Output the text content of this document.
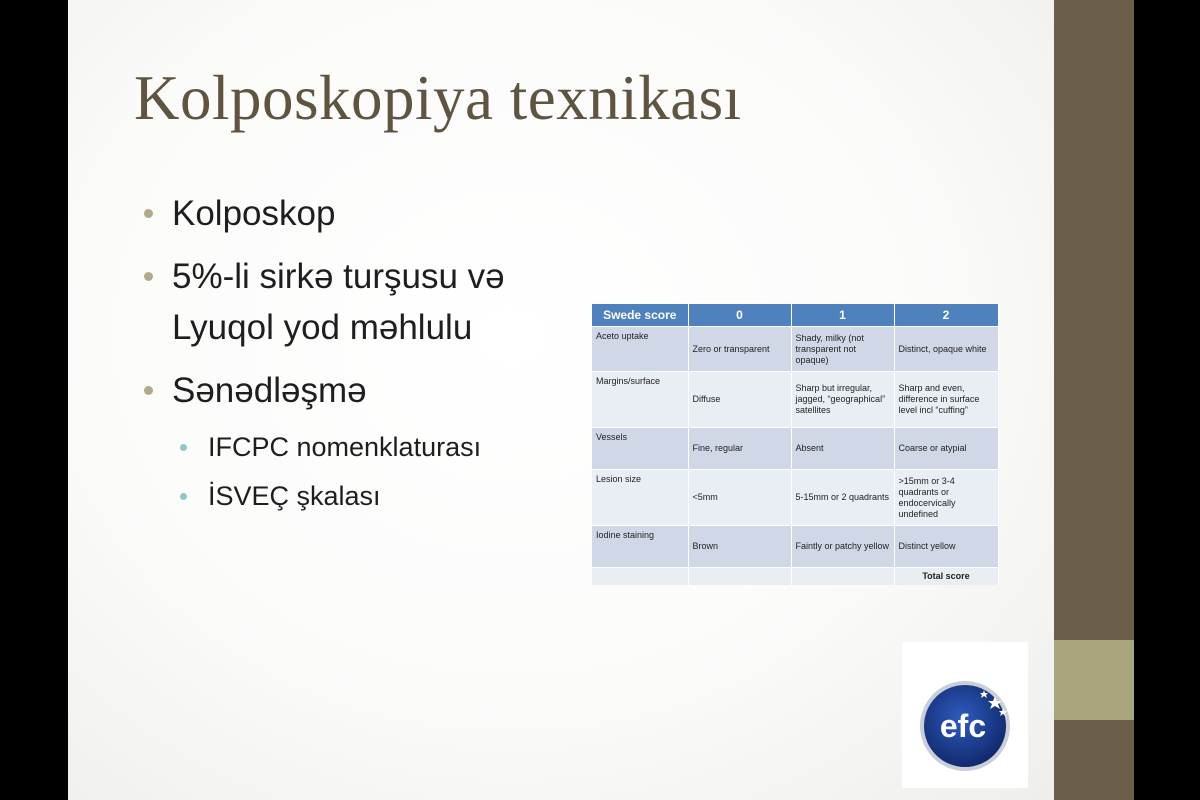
Kolposkopiya texnikası
Kolposkop
5%-li sirkə turşusu və Lyuqol yod məhlulu
Sənədləşmə
IFCPC nomenklaturası
İSVEÇ şkalası
Swede score	0	1	2
Aceto uptake	Zero or transparent	Shady, milky (not transparent not opaque)	Distinct, opaque white
Margins/surface	Diffuse	Sharp but irregular, jagged, “geographical” satellites	Sharp and even, difference in surface level incl “cuffing”
Vessels	Fine, regular	Absent	Coarse or atypial
Lesion size	<5mm	5-15mm or 2 quadrants	>15mm or 3-4 quadrants or endocervically undefined
Iodine staining	Brown	Faintly or patchy yellow	Distinct yellow
			Total score
efc
